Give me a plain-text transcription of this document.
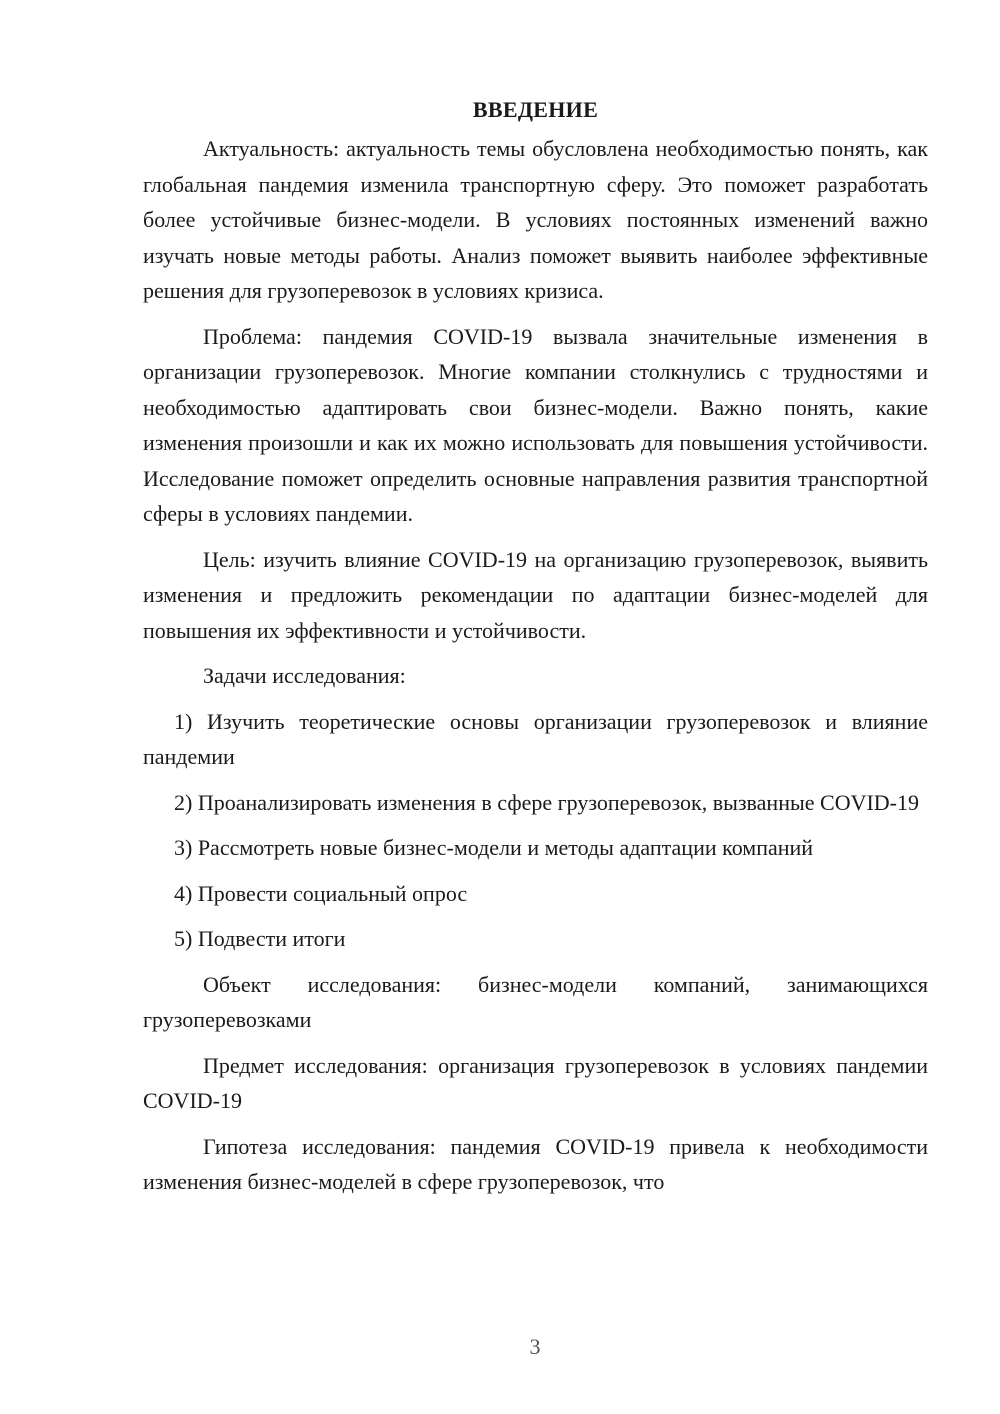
ВВЕДЕНИЕ

Актуальность: актуальность темы обусловлена необходимостью понять, как глобальная пандемия изменила транспортную сферу. Это поможет разработать более устойчивые бизнес-модели. В условиях постоянных изменений важно изучать новые методы работы. Анализ поможет выявить наиболее эффективные решения для грузоперевозок в условиях кризиса.

Проблема: пандемия COVID-19 вызвала значительные изменения в организации грузоперевозок. Многие компании столкнулись с трудностями и необходимостью адаптировать свои бизнес-модели. Важно понять, какие изменения произошли и как их можно использовать для повышения устойчивости. Исследование поможет определить основные направления развития транспортной сферы в условиях пандемии.

Цель: изучить влияние COVID-19 на организацию грузоперевозок, выявить изменения и предложить рекомендации по адаптации бизнес-моделей для повышения их эффективности и устойчивости.

Задачи исследования:

1) Изучить теоретические основы организации грузоперевозок и влияние пандемии

2) Проанализировать изменения в сфере грузоперевозок, вызванные COVID-19

3) Рассмотреть новые бизнес-модели и методы адаптации компаний

4) Провести социальный опрос

5) Подвести итоги

Объект исследования: бизнес-модели компаний, занимающихся грузоперевозками

Предмет исследования: организация грузоперевозок в условиях пандемии COVID-19

Гипотеза исследования: пандемия COVID-19 привела к необходимости изменения бизнес-моделей в сфере грузоперевозок, что

3
